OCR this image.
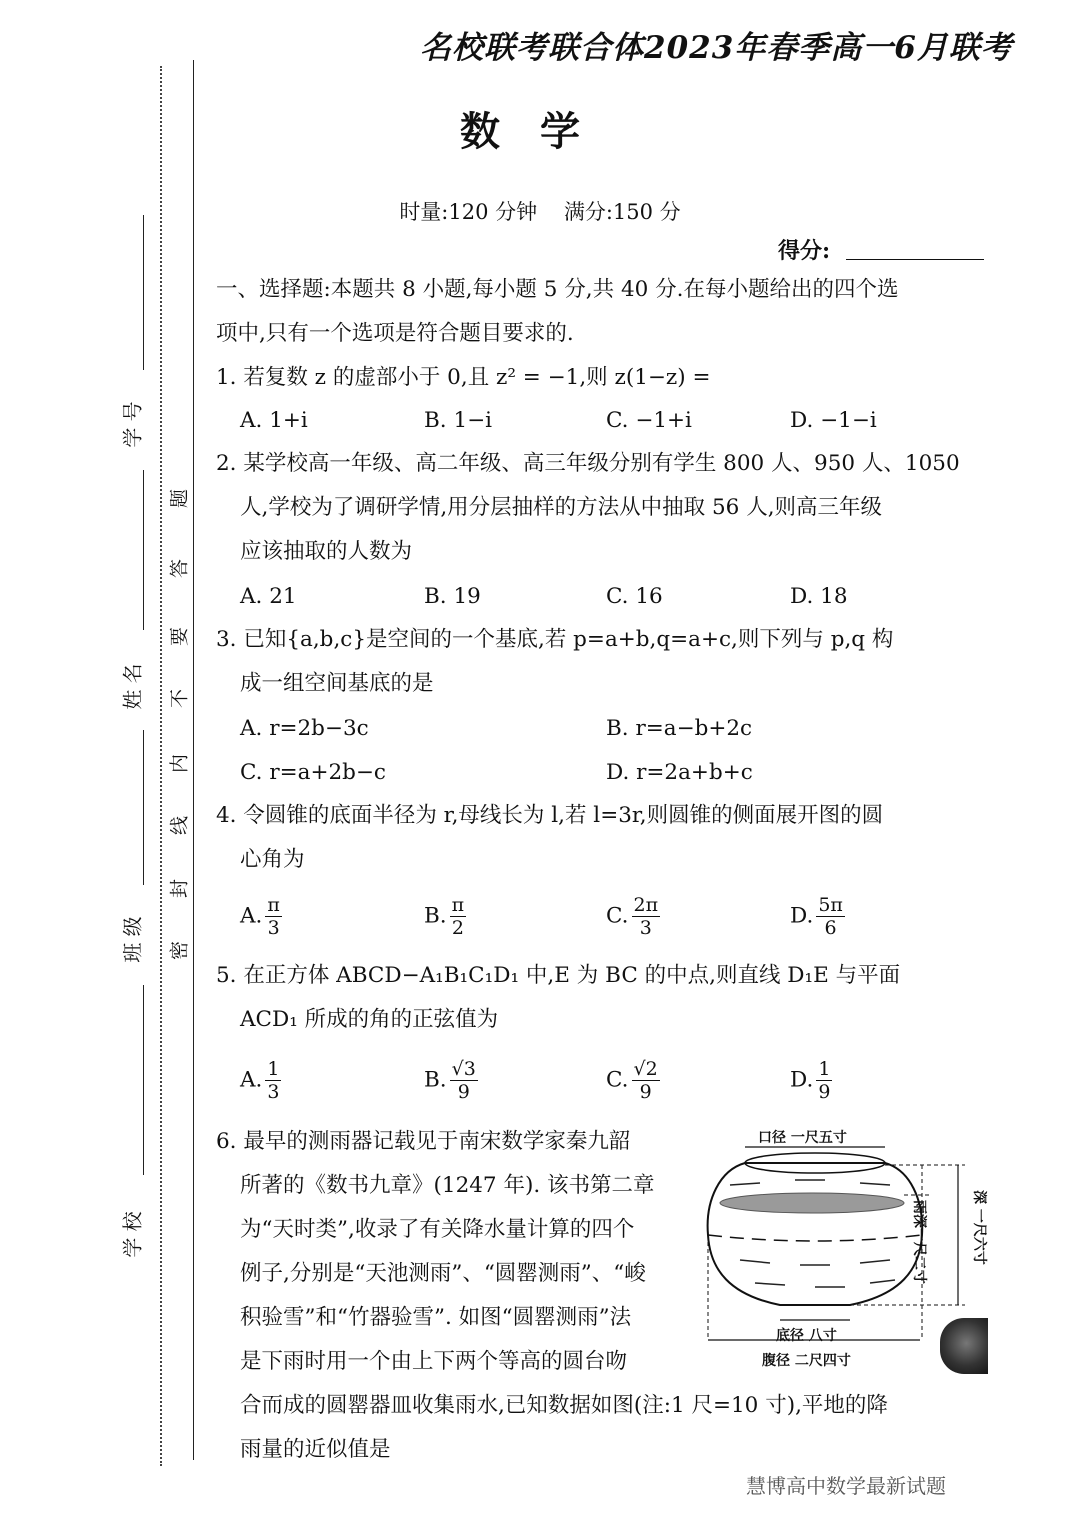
名校联考联合体2023年春季高一6月联考
数学
时量:120 分钟    满分:150 分
得分:
学 号
姓 名
班 级
学 校
题
答
要
不
内
线
封
密
一、选择题:本题共 8 小题,每小题 5 分,共 40 分.在每小题给出的四个选
项中,只有一个选项是符合题目要求的.
1. 若复数 z 的虚部小于 0,且 z² = −1,则 z(1−z) =
A. 1+i	B. 1−i	C. −1+i	D. −1−i
2. 某学校高一年级、高二年级、高三年级分别有学生 800 人、950 人、1050
人,学校为了调研学情,用分层抽样的方法从中抽取 56 人,则高三年级
应该抽取的人数为
A. 21	B. 19	C. 16	D. 18
3. 已知{a,b,c}是空间的一个基底,若 p=a+b,q=a+c,则下列与 p,q 构
成一组空间基底的是
A. r=2b−3c	B. r=a−b+2c
C. r=a+2b−c	D. r=2a+b+c
4. 令圆锥的底面半径为 r,母线长为 l,若 l=3r,则圆锥的侧面展开图的圆
心角为
A. $\frac{\pi}{3}$	B. $\frac{\pi}{2}$	C. $\frac{2\pi}{3}$	D. $\frac{5\pi}{6}$
5. 在正方体 ABCD−A₁B₁C₁D₁ 中,E 为 BC 的中点,则直线 D₁E 与平面
ACD₁ 所成的角的正弦值为
A. $\frac{1}{3}$	B. $\frac{√3}{9}$	C. $\frac{√2}{9}$	D. $\frac{1}{9}$
6. 最早的测雨器记载见于南宋数学家秦九韶
所著的《数书九章》(1247 年). 该书第二章
为“天时类”,收录了有关降水量计算的四个
例子,分别是“天池测雨”、“圆罂测雨”、“峻
积验雪”和“竹器验雪”. 如图“圆罂测雨”法
是下雨时用一个由上下两个等高的圆台吻
合而成的圆罂器皿收集雨水,已知数据如图(注:1 尺=10 寸),平地的降
雨量的近似值是
口径 一尺五寸
雨深一尺二寸	深 一尺六寸
底径 八寸
腹径 二尺四寸
慧博高中数学最新试题
